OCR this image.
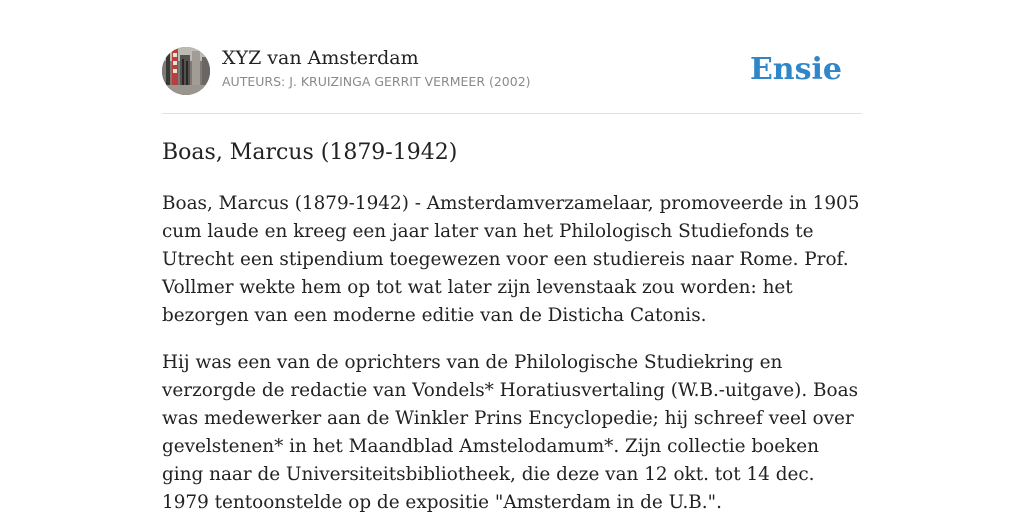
XYZ van Amsterdam
AUTEURS: J. KRUIZINGA GERRIT VERMEER (2002)	Ensie
Boas, Marcus (1879-1942)

Boas, Marcus (1879-1942) - Amsterdamverzamelaar, promoveerde in 1905 cum laude en kreeg een jaar later van het Philologisch Studiefonds te Utrecht een stipendium toegewezen voor een studiereis naar Rome. Prof. Vollmer wekte hem op tot wat later zijn levenstaak zou worden: het bezorgen van een moderne editie van de Disticha Catonis.

Hij was een van de oprichters van de Philologische Studiekring en verzorgde de redactie van Vondels* Horatiusvertaling (W.B.-uitgave). Boas was medewerker aan de Winkler Prins Encyclopedie; hij schreef veel over gevelstenen* in het Maandblad Amstelodamum*. Zijn collectie boeken ging naar de Universiteitsbibliotheek, die deze van 12 okt. tot 14 dec. 1979 tentoonstelde op de expositie "Amsterdam in de U.B.".
